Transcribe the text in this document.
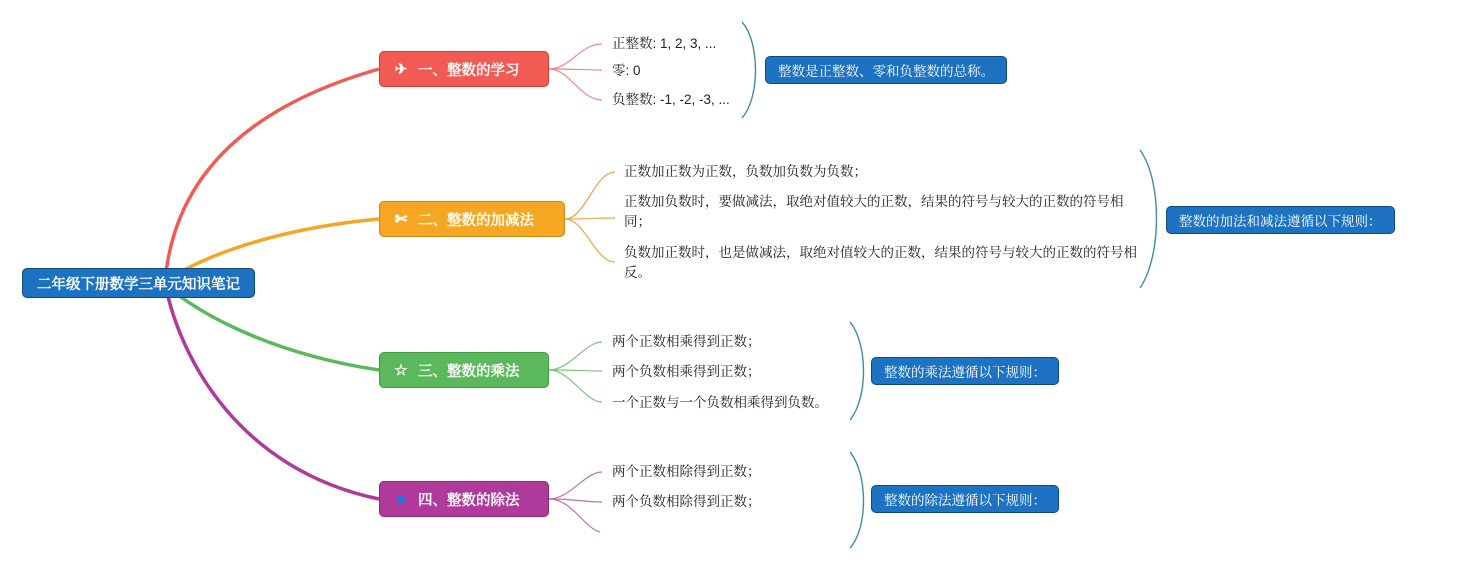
二年级下册数学三单元知识笔记
✈ 一、整数的学习
正整数: 1, 2, 3, ...
零: 0
负整数: -1, -2, -3, ...
整数是正整数、零和负整数的总称。
✄ 二、整数的加减法
正数加正数为正数，负数加负数为负数；
正数加负数时，要做减法，取绝对值较大的正数，结果的符号与较大的正数的符号相同；
负数加正数时，也是做减法，取绝对值较大的正数，结果的符号与较大的正数的符号相反。
整数的加法和减法遵循以下规则：
☆ 三、整数的乘法
两个正数相乘得到正数；
两个负数相乘得到正数；
一个正数与一个负数相乘得到负数。
整数的乘法遵循以下规则：
■ 四、整数的除法
两个正数相除得到正数；
两个负数相除得到正数；	整数的除法遵循以下规则：
